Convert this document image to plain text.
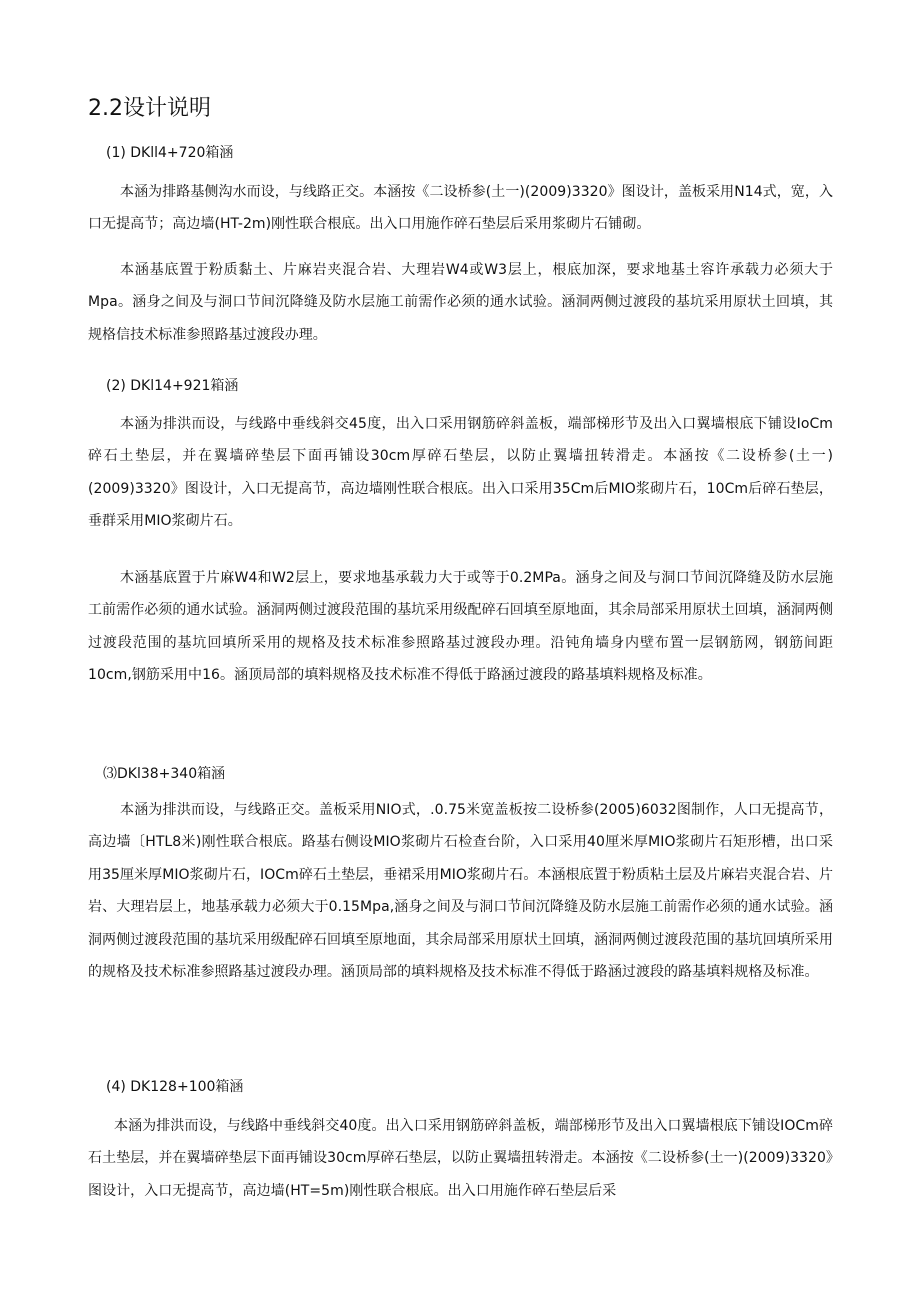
2.2设计说明
(1) DKll4+720箱涵
本涵为排路基侧沟水而设，与线路正交。本涵按《二设桥参(土一)(2009)3320》图设计，盖板采用N14式，宽，入口无提高节；高边墙(HT-2m)刚性联合根底。出入口用施作碎石垫层后采用浆砌片石铺砌。
本涵基底置于粉质黏土、片麻岩夹混合岩、大理岩W4或W3层上，根底加深，要求地基土容许承载力必须大于Mpa。涵身之间及与洞口节间沉降缝及防水层施工前需作必须的通水试验。涵洞两侧过渡段的基坑采用原状土回填，其规格信技术标准参照路基过渡段办理。
(2) DKl14+921箱涵
本涵为排洪而设，与线路中垂线斜交45度，出入口采用钢筋碎斜盖板，端部梯形节及出入口翼墙根底下铺设IoCm碎石土垫层，并在翼墙碎垫层下面再铺设30cm厚碎石垫层，以防止翼墙扭转滑走。本涵按《二设桥参(土一)(2009)3320》图设计，入口无提高节，高边墙刚性联合根底。出入口采用35Cm后MIO浆砌片石，10Cm后碎石垫层，垂群采用MIO浆砌片石。
木涵基底置于片麻W4和W2层上，要求地基承载力大于或等于0.2MPa。涵身之间及与洞口节间沉降缝及防水层施工前需作必须的通水试验。涵洞两侧过渡段范围的基坑采用级配碎石回填至原地面，其余局部采用原状土回填，涵洞两侧过渡段范围的基坑回填所采用的规格及技术标准参照路基过渡段办理。沿钝角墙身内壁布置一层钢筋网，钢筋间距10cm,钢筋采用中16。涵顶局部的填料规格及技术标准不得低于路涵过渡段的路基填料规格及标准。
⑶DKl38+340箱涵
本涵为排洪而设，与线路正交。盖板采用NIO式，.0.75米宽盖板按二设桥参(2005)6032图制作，人口无提高节，高边墙〔HTL8米)刚性联合根底。路基右侧设MIO浆砌片石检查台阶，入口采用40厘米厚MIO浆砌片石矩形槽，出口采用35厘米厚MIO浆砌片石，IOCm碎石土垫层，垂裙采用MIO浆砌片石。本涵根底置于粉质粘土层及片麻岩夹混合岩、片岩、大理岩层上，地基承载力必须大于0.15Mpa,涵身之间及与洞口节间沉降缝及防水层施工前需作必须的通水试验。涵洞两侧过渡段范围的基坑采用级配碎石回填至原地面，其余局部采用原状土回填，涵洞两侧过渡段范围的基坑回填所采用的规格及技术标准参照路基过渡段办理。涵顶局部的填料规格及技术标准不得低于路涵过渡段的路基填料规格及标准。
(4) DK128+100箱涵
本涵为排洪而设，与线路中垂线斜交40度。出入口采用钢筋碎斜盖板，端部梯形节及出入口翼墙根底下铺设IOCm碎石土垫层，并在翼墙碎垫层下面再铺设30cm厚碎石垫层，以防止翼墙扭转滑走。本涵按《二设桥参(土一)(2009)3320》图设计，入口无提高节，高边墙(HT=5m)刚性联合根底。出入口用施作碎石垫层后采
